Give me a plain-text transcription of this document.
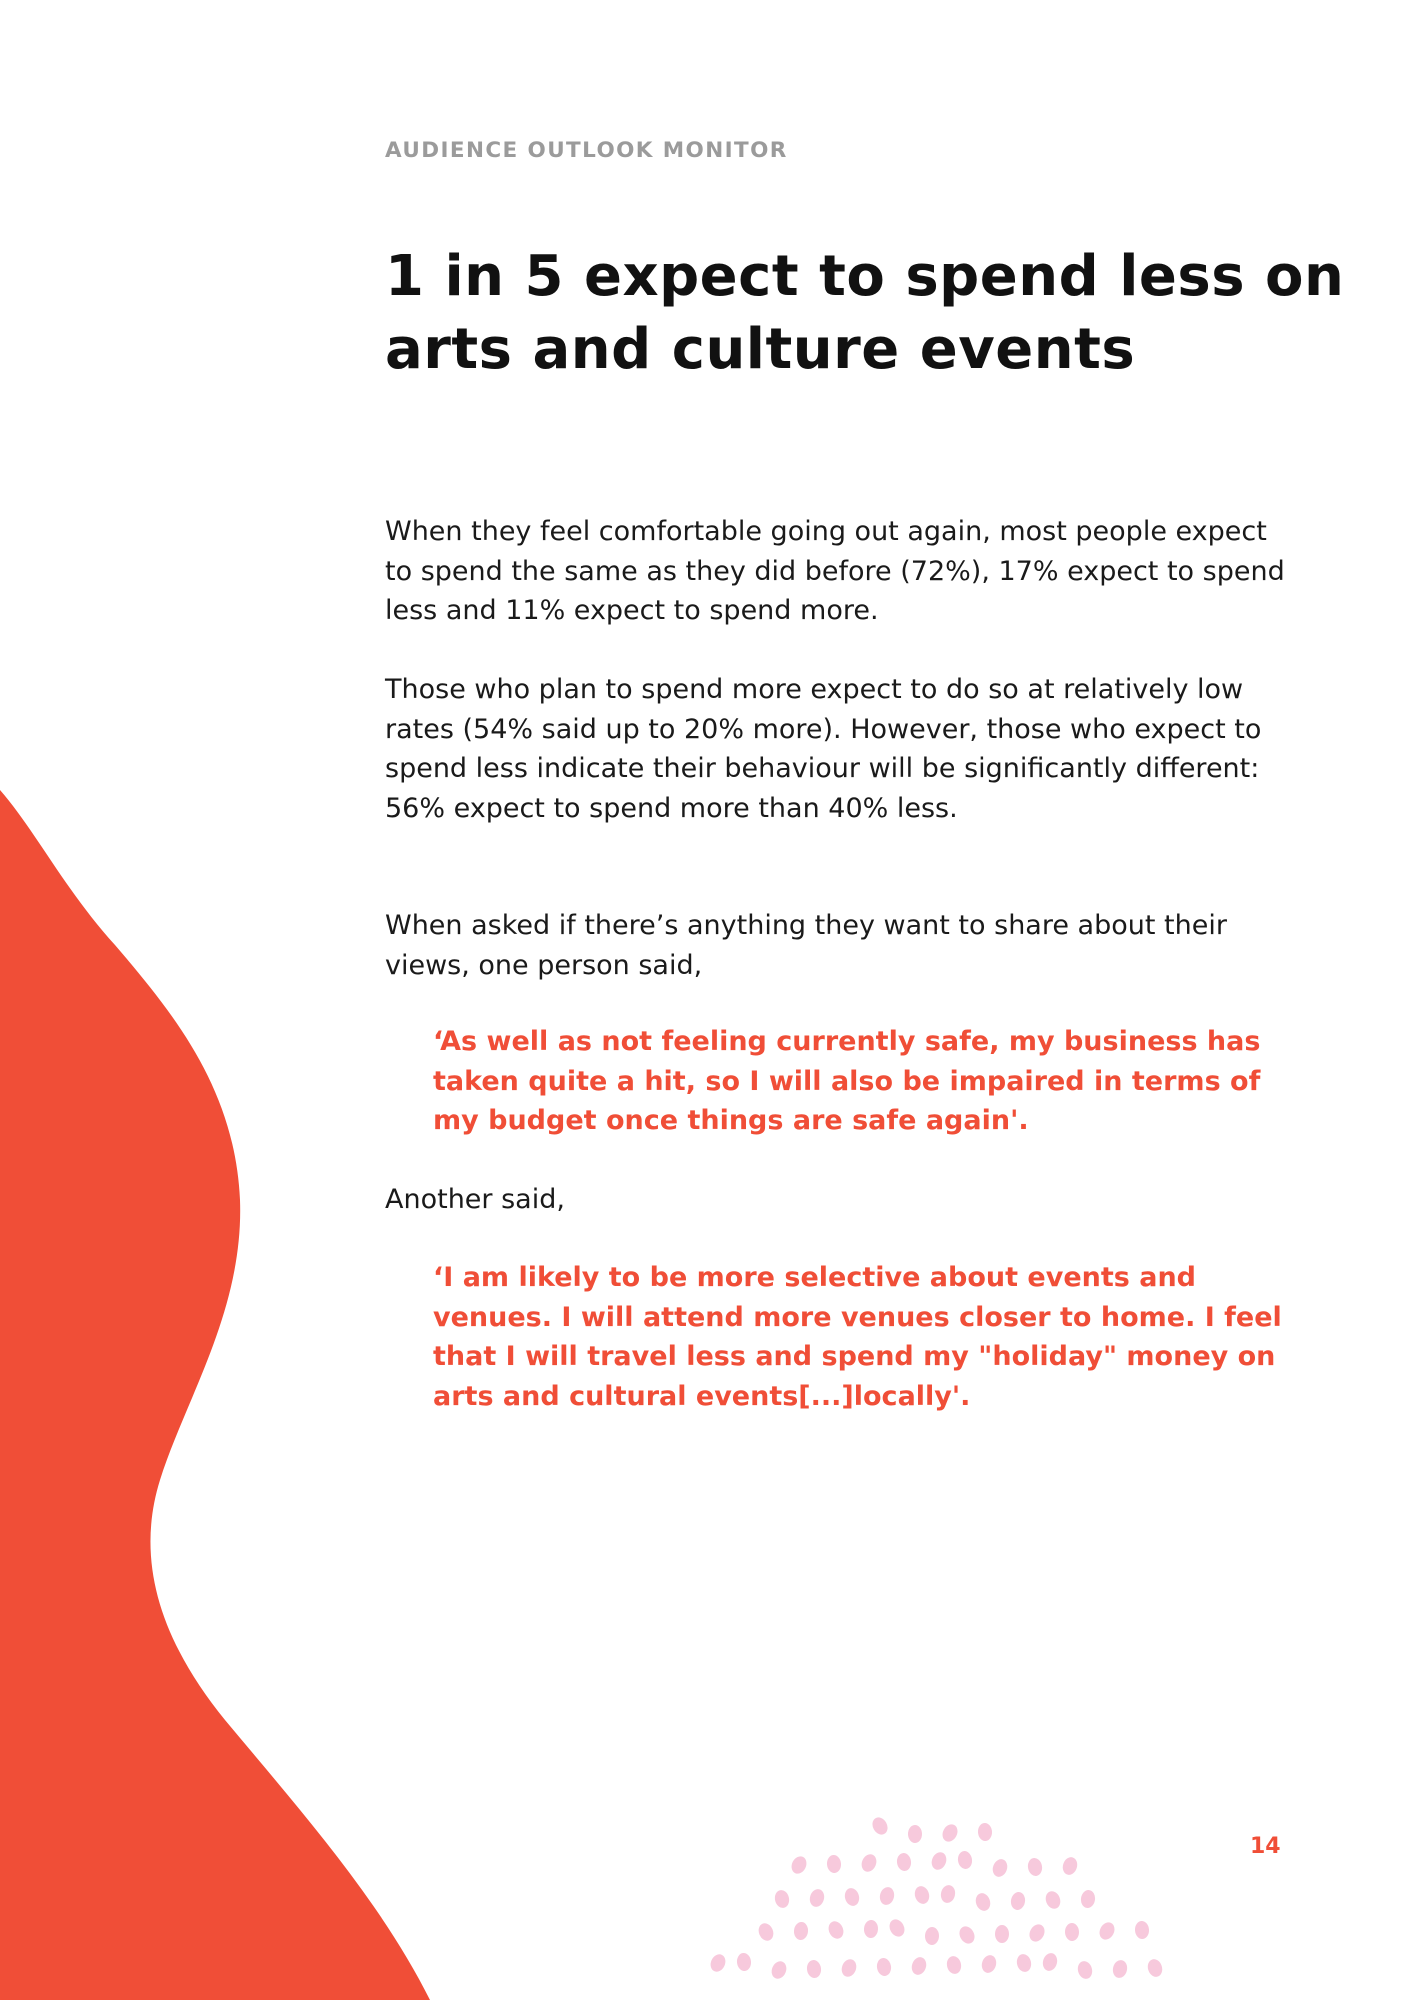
AUDIENCE OUTLOOK MONITOR
1 in 5 expect to spend less on arts and culture events

When they feel comfortable going out again, most people expect to spend the same as they did before (72%), 17% expect to spend less and 11% expect to spend more.

Those who plan to spend more expect to do so at relatively low rates (54% said up to 20% more). However, those who expect to spend less indicate their behaviour will be significantly different: 56% expect to spend more than 40% less.

When asked if there’s anything they want to share about their views, one person said,

‘As well as not feeling currently safe, my business has taken quite a hit, so I will also be impaired in terms of my budget once things are safe again'.

Another said,

‘I am likely to be more selective about events and venues. I will attend more venues closer to home. I feel that I will travel less and spend my "holiday" money on arts and cultural events[...]locally'.

14
